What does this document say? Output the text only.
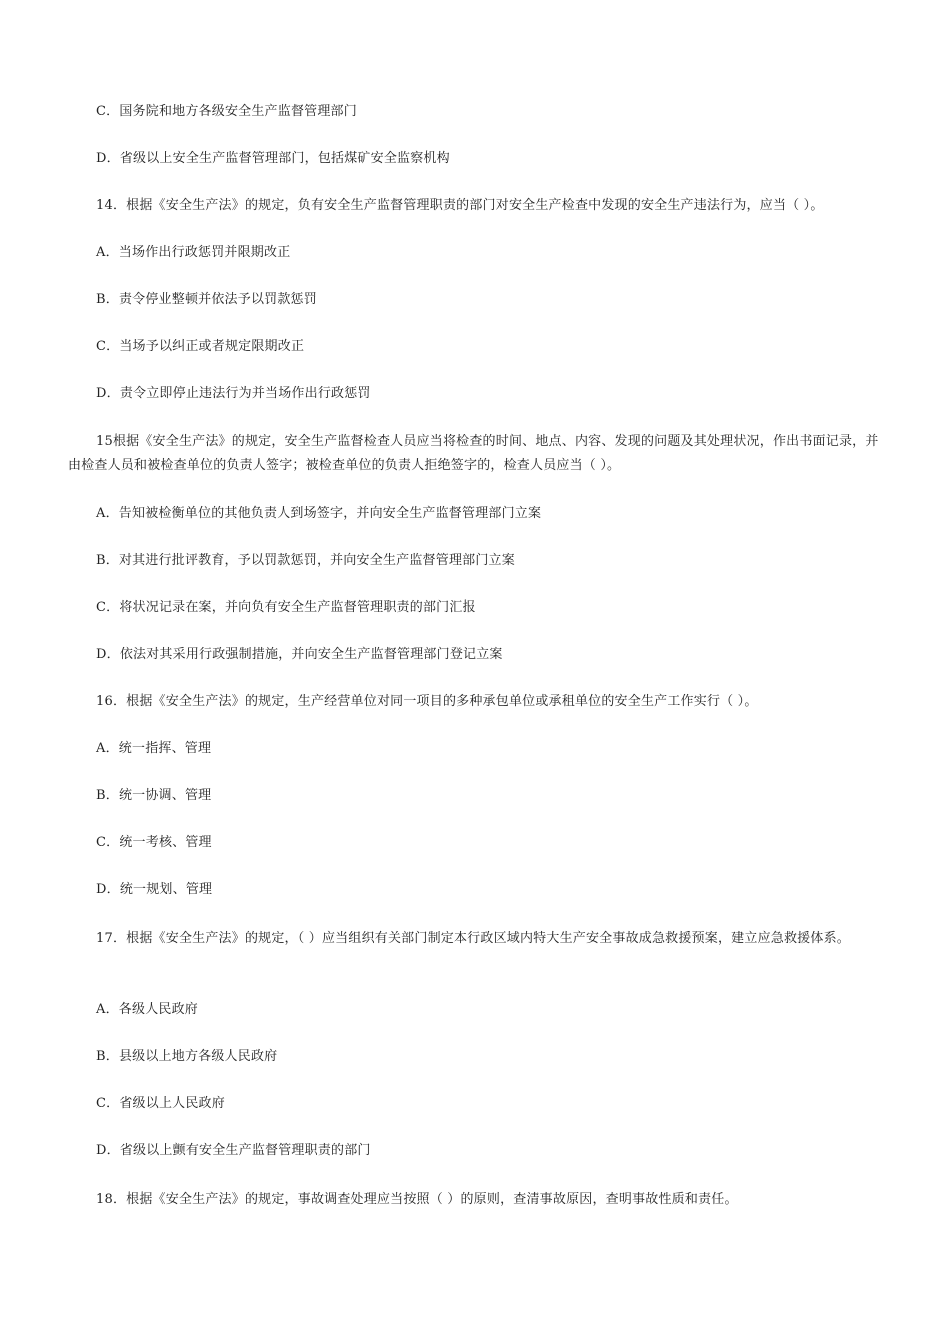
C．国务院和地方各级安全生产监督管理部门
D．省级以上安全生产监督管理部门，包括煤矿安全监察机构
14．根据《安全生产法》的规定，负有安全生产监督管理职责的部门对安全生产检查中发现的安全生产违法行为，应当（ ）。
A．当场作出行政惩罚并限期改正
B．责令停业整顿并依法予以罚款惩罚
C．当场予以纠正或者规定限期改正
D．责令立即停止违法行为并当场作出行政惩罚
15根据《安全生产法》的规定，安全生产监督检查人员应当将检查的时间、地点、内容、发现的问题及其处理状况，作出书面记录，并由检查人员和被检查单位的负责人签字；被检查单位的负责人拒绝签字的，检查人员应当（ ）。
A．告知被检衡单位的其他负责人到场签字，并向安全生产监督管理部门立案
B．对其进行批评教育，予以罚款惩罚，并向安全生产监督管理部门立案
C．将状况记录在案，并向负有安全生产监督管理职责的部门汇报
D．依法对其采用行政强制措施，并向安全生产监督管理部门登记立案
16．根据《安全生产法》的规定，生产经营单位对同一项目的多种承包单位或承租单位的安全生产工作实行（ ）。
A．统一指挥、管理
B．统一协调、管理
C．统一考核、管理
D．统一规划、管理
17．根据《安全生产法》的规定，（ ）应当组织有关部门制定本行政区域内特大生产安全事故成急救援预案，建立应急救援体系。
A．各级人民政府
B．县级以上地方各级人民政府
C．省级以上人民政府
D．省级以上颤有安全生产监督管理职责的部门
18．根据《安全生产法》的规定，事故调查处理应当按照（ ）的原则，查清事故原因，查明事故性质和责任。
